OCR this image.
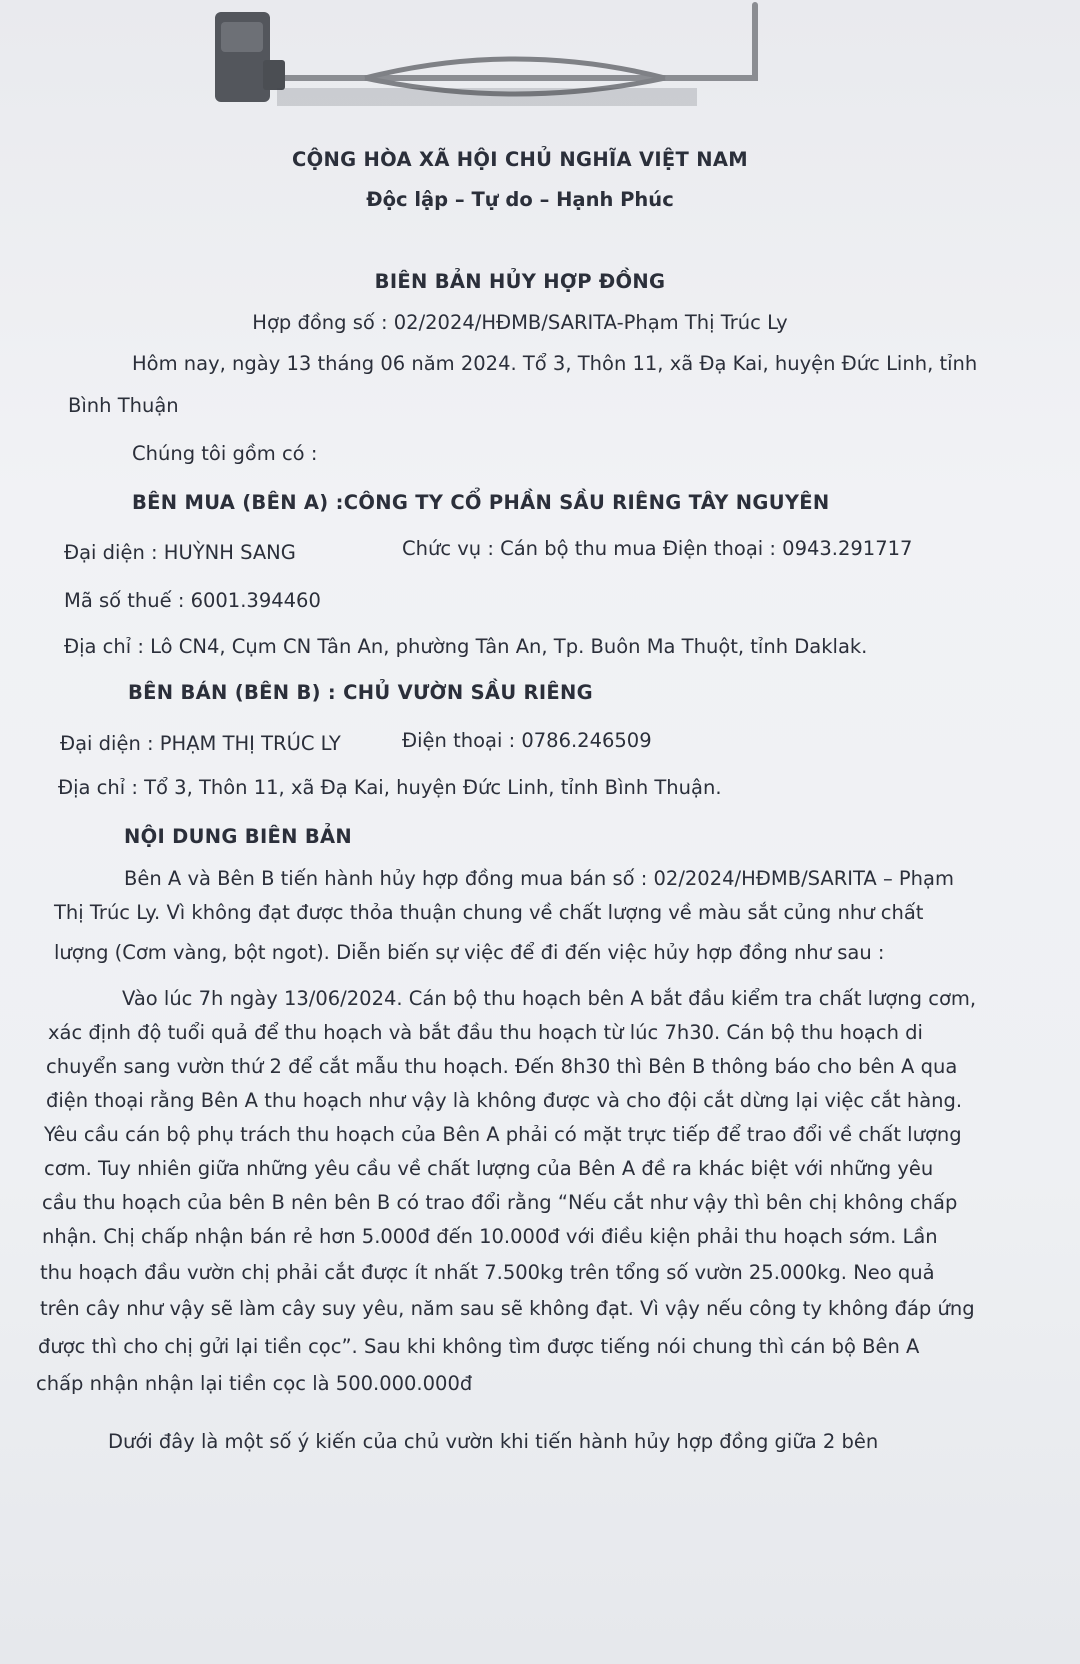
CỘNG HÒA XÃ HỘI CHỦ NGHĨA VIỆT NAM
Độc lập – Tự do – Hạnh Phúc
BIÊN BẢN HỦY HỢP ĐỒNG
Hợp đồng số : 02/2024/HĐMB/SARITA-Phạm Thị Trúc Ly
Hôm nay, ngày 13 tháng 06 năm 2024. Tổ 3, Thôn 11, xã Đạ Kai, huyện Đức Linh, tỉnh
Bình Thuận
Chúng tôi gồm có :
BÊN MUA (BÊN A) :CÔNG TY CỔ PHẦN SẦU RIÊNG TÂY NGUYÊN
Đại diện : HUỲNH SANG	Chức vụ : Cán bộ thu mua Điện thoại : 0943.291717
Mã số thuế : 6001.394460
Địa chỉ : Lô CN4, Cụm CN Tân An, phường Tân An, Tp. Buôn Ma Thuột, tỉnh Daklak.
BÊN BÁN (BÊN B) : CHỦ VƯỜN SẦU RIÊNG
Đại diện : PHẠM THỊ TRÚC LY	Điện thoại : 0786.246509
Địa chỉ : Tổ 3, Thôn 11, xã Đạ Kai, huyện Đức Linh, tỉnh Bình Thuận.
NỘI DUNG BIÊN BẢN
Bên A và Bên B tiến hành hủy hợp đồng mua bán số : 02/2024/HĐMB/SARITA – Phạm
Thị Trúc Ly. Vì không đạt được thỏa thuận chung về chất lượng về màu sắt củng như chất
lượng (Cơm vàng, bột ngot). Diễn biến sự việc để đi đến việc hủy hợp đồng như sau :
Vào lúc 7h ngày 13/06/2024. Cán bộ thu hoạch bên A bắt đầu kiểm tra chất lượng cơm,
xác định độ tuổi quả để thu hoạch và bắt đầu thu hoạch từ lúc 7h30. Cán bộ thu hoạch di
chuyển sang vườn thứ 2 để cắt mẫu thu hoạch. Đến 8h30 thì Bên B thông báo cho bên A qua
điện thoại rằng Bên A thu hoạch như vậy là không được và cho đội cắt dừng lại việc cắt hàng.
Yêu cầu cán bộ phụ trách thu hoạch của Bên A phải có mặt trực tiếp để trao đổi về chất lượng
cơm. Tuy nhiên giữa những yêu cầu về chất lượng của Bên A đề ra khác biệt với những yêu
cầu thu hoạch của bên B nên bên B có trao đổi rằng “Nếu cắt như vậy thì bên chị không chấp
nhận. Chị chấp nhận bán rẻ hơn 5.000đ đến 10.000đ với điều kiện phải thu hoạch sớm. Lần
thu hoạch đầu vườn chị phải cắt được ít nhất 7.500kg trên tổng số vườn 25.000kg. Neo quả
trên cây như vậy sẽ làm cây suy yêu, năm sau sẽ không đạt. Vì vậy nếu công ty không đáp ứng
được thì cho chị gửi lại tiền cọc”. Sau khi không tìm được tiếng nói chung thì cán bộ Bên A
chấp nhận nhận lại tiền cọc là 500.000.000đ
Dưới đây là một số ý kiến của chủ vườn khi tiến hành hủy hợp đồng giữa 2 bên
